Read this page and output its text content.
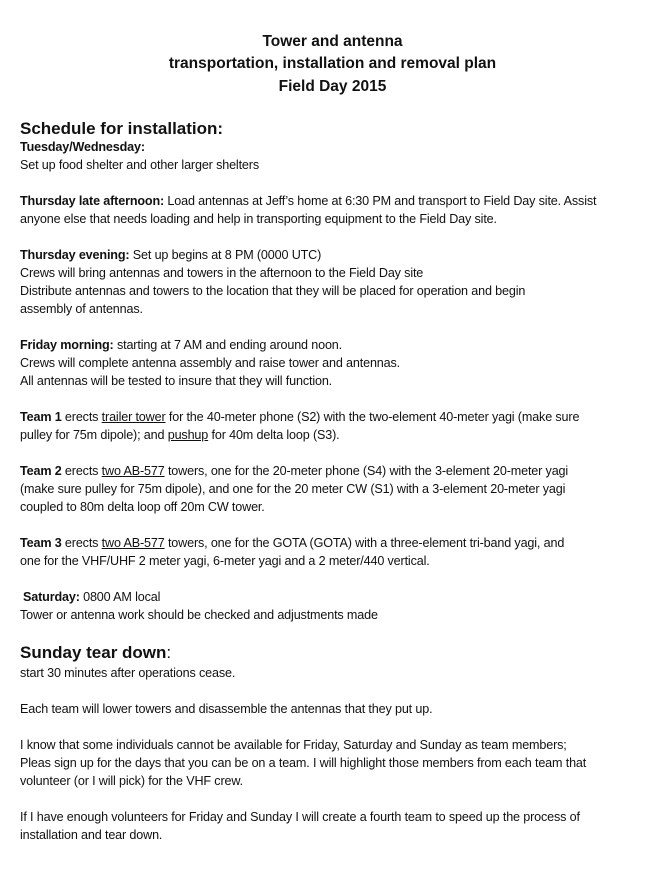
Tower and antenna
transportation, installation and removal plan
Field Day 2015
Schedule for installation:
Tuesday/Wednesday:
Set up food shelter and other larger shelters
Thursday late afternoon: Load antennas at Jeff’s home at 6:30 PM and transport to Field Day site. Assist
anyone else that needs loading and help in transporting equipment to the Field Day site.
Thursday evening: Set up begins at 8 PM (0000 UTC)
Crews will bring antennas and towers in the afternoon to the Field Day site
Distribute antennas and towers to the location that they will be placed for operation and begin
assembly of antennas.
Friday morning: starting at 7 AM and ending around noon.
Crews will complete antenna assembly and raise tower and antennas.
All antennas will be tested to insure that they will function.
Team 1 erects trailer tower for the 40-meter phone (S2) with the two-element 40-meter yagi (make sure
pulley for 75m dipole); and pushup for 40m delta loop (S3).
Team 2 erects two AB-577 towers, one for the 20-meter phone (S4) with the 3-element 20-meter yagi
(make sure pulley for 75m dipole), and one for the 20 meter CW (S1) with a 3-element 20-meter yagi
coupled to 80m delta loop off 20m CW tower.
Team 3 erects two AB-577 towers, one for the GOTA (GOTA) with a three-element tri-band yagi, and
one for the VHF/UHF 2 meter yagi, 6-meter yagi and a 2 meter/440 vertical.
Saturday: 0800 AM local
Tower or antenna work should be checked and adjustments made
Sunday tear down:
start 30 minutes after operations cease.
Each team will lower towers and disassemble the antennas that they put up.
I know that some individuals cannot be available for Friday, Saturday and Sunday as team members;
Pleas sign up for the days that you can be on a team. I will highlight those members from each team that
volunteer (or I will pick) for the VHF crew.
If I have enough volunteers for Friday and Sunday I will create a fourth team to speed up the process of
installation and tear down.
